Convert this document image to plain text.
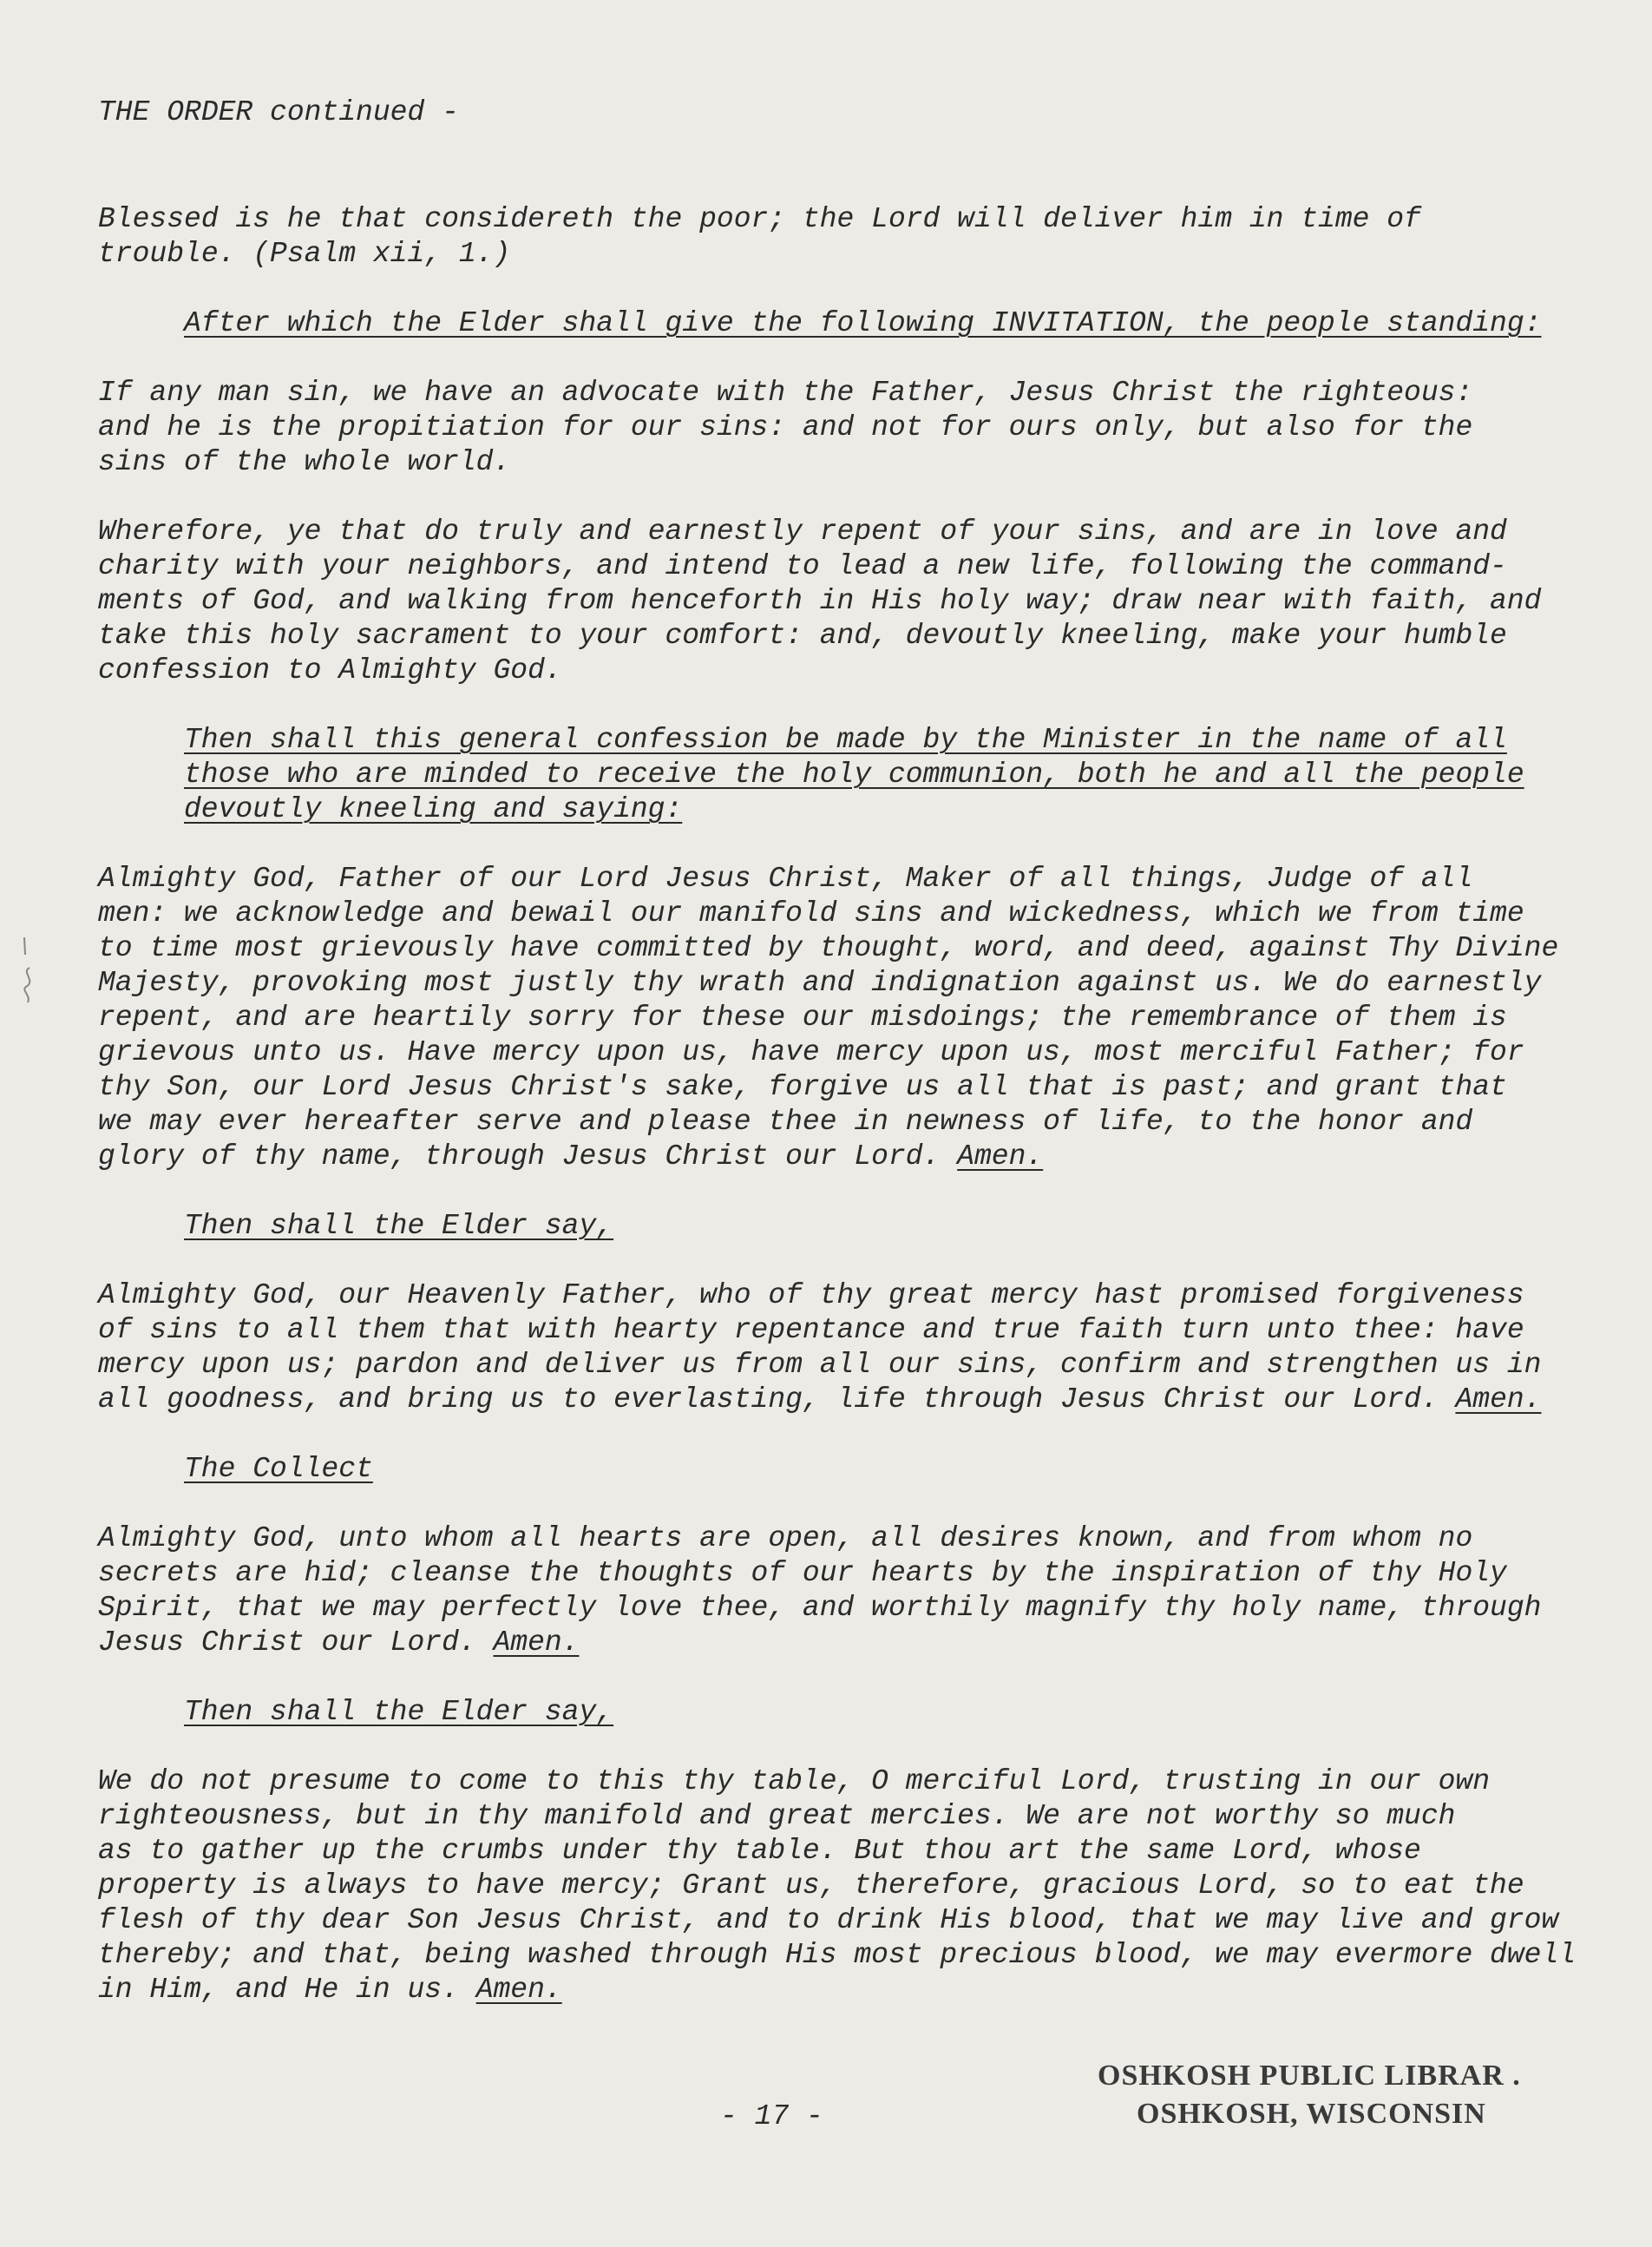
THE ORDER continued -

Blessed is he that considereth the poor; the Lord will deliver him in time of

trouble. (Psalm xii, 1.)

After which the Elder shall give the following INVITATION, the people standing:

If any man sin, we have an advocate with the Father, Jesus Christ the righteous:

and he is the propitiation for our sins: and not for ours only, but also for the

sins of the whole world.

Wherefore, ye that do truly and earnestly repent of your sins, and are in love and

charity with your neighbors, and intend to lead a new life, following the command-

ments of God, and walking from henceforth in His holy way; draw near with faith, and

take this holy sacrament to your comfort: and, devoutly kneeling, make your humble

confession to Almighty God.

Then shall this general confession be made by the Minister in the name of all

those who are minded to receive the holy communion, both he and all the people

devoutly kneeling and saying:

Almighty God, Father of our Lord Jesus Christ, Maker of all things, Judge of all

men: we acknowledge and bewail our manifold sins and wickedness, which we from time

to time most grievously have committed by thought, word, and deed, against Thy Divine

Majesty, provoking most justly thy wrath and indignation against us. We do earnestly

repent, and are heartily sorry for these our misdoings; the remembrance of them is

grievous unto us. Have mercy upon us, have mercy upon us, most merciful Father; for

thy Son, our Lord Jesus Christ's sake, forgive us all that is past; and grant that

we may ever hereafter serve and please thee in newness of life, to the honor and

glory of thy name, through Jesus Christ our Lord. Amen.

Then shall the Elder say,

Almighty God, our Heavenly Father, who of thy great mercy hast promised forgiveness

of sins to all them that with hearty repentance and true faith turn unto thee: have

mercy upon us; pardon and deliver us from all our sins, confirm and strengthen us in

all goodness, and bring us to everlasting, life through Jesus Christ our Lord. Amen.

The Collect

Almighty God, unto whom all hearts are open, all desires known, and from whom no

secrets are hid; cleanse the thoughts of our hearts by the inspiration of thy Holy

Spirit, that we may perfectly love thee, and worthily magnify thy holy name, through

Jesus Christ our Lord. Amen.

Then shall the Elder say,

We do not presume to come to this thy table, O merciful Lord, trusting in our own

righteousness, but in thy manifold and great mercies. We are not worthy so much

as to gather up the crumbs under thy table. But thou art the same Lord, whose

property is always to have mercy; Grant us, therefore, gracious Lord, so to eat the

flesh of thy dear Son Jesus Christ, and to drink His blood, that we may live and grow

thereby; and that, being washed through His most precious blood, we may evermore dwell

in Him, and He in us. Amen.

OSHKOSH PUBLIC LIBRAR .
OSHKOSH, WISCONSIN
- 17 -
